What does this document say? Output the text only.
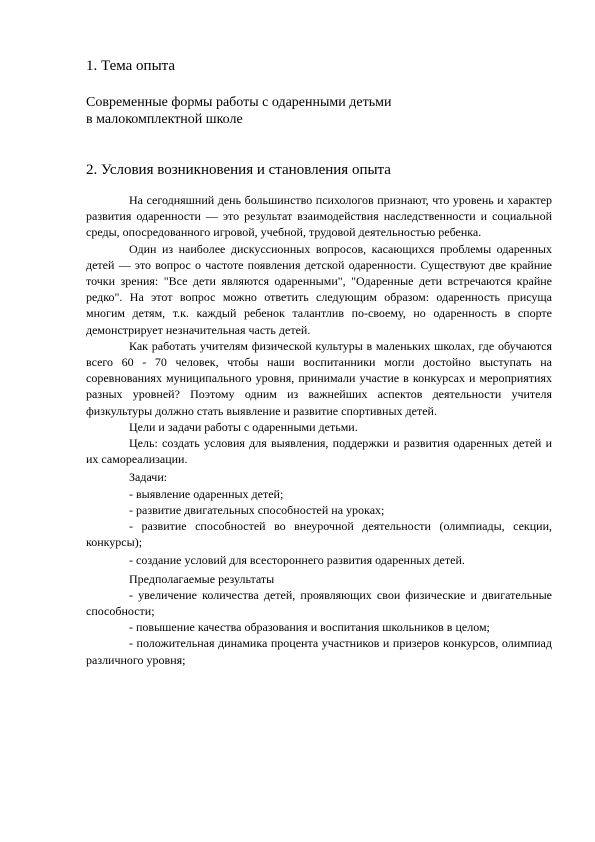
1. Тема опыта
Современные формы работы с одаренными детьми
в малокомплектной школе
2. Условия возникновения и становления опыта

На сегодняшний день большинство психологов признают, что уровень и характер развития одаренности — это результат взаимодействия наследственности и социальной среды, опосредованного игровой, учебной, трудовой деятельностью ребенка.

Один из наиболее дискуссионных вопросов, касающихся проблемы одаренных детей — это вопрос о частоте появления детской одаренности. Существуют две крайние точки зрения: "Все дети являются одаренными", "Одаренные дети встречаются крайне редко". На этот вопрос можно ответить следующим образом: одаренность присуща многим детям, т.к. каждый ребенок талантлив по-своему, но одаренность в спорте демонстрирует незначительная часть детей.

Как работать учителям физической культуры в маленьких школах, где обучаются всего 60 - 70 человек, чтобы наши воспитанники могли достойно выступать на соревнованиях муниципального уровня, принимали участие в конкурсах и мероприятиях разных уровней? Поэтому одним из важнейших аспектов деятельности учителя физкультуры должно стать выявление и развитие спортивных детей.

Цели и задачи работы с одаренными детьми.

Цель: создать условия для выявления, поддержки и развития одаренных детей и их самореализации.

Задачи:

- выявление одаренных детей;

- развитие двигательных способностей на уроках;

- развитие способностей во внеурочной деятельности (олимпиады, секции, конкурсы);

- создание условий для всестороннего развития одаренных детей.

Предполагаемые результаты

- увеличение количества детей, проявляющих свои физические и двигательные способности;

- повышение качества образования и воспитания школьников в целом;

- положительная динамика процента участников и призеров конкурсов, олимпиад различного уровня;
